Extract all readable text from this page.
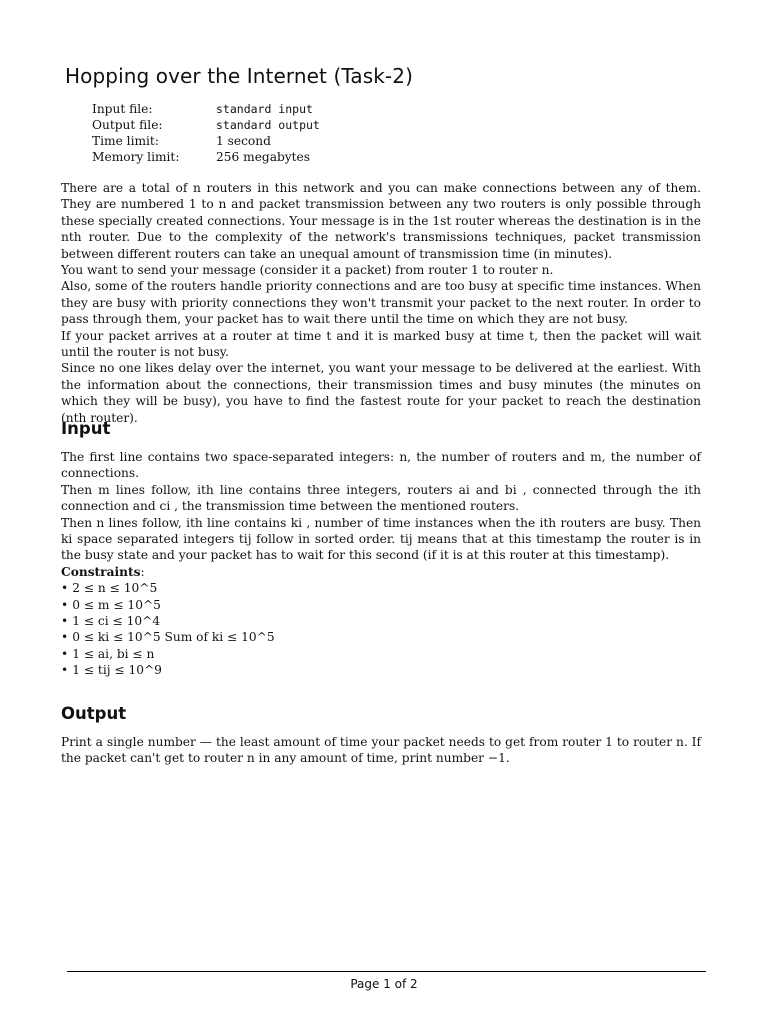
Hopping over the Internet (Task-2)
Input file:	standard input
Output file:	standard output
Time limit:	1 second
Memory limit:	256 megabytes

There are a total of n routers in this network and you can make connections between any of them. They are numbered 1 to n and packet transmission between any two routers is only possible through these specially created connections. Your message is in the 1st router whereas the destination is in the nth router. Due to the complexity of the network's transmissions techniques, packet transmission between different routers can take an unequal amount of transmission time (in minutes).

You want to send your message (consider it a packet) from router 1 to router n.

Also, some of the routers handle priority connections and are too busy at specific time instances. When they are busy with priority connections they won't transmit your packet to the next router. In order to pass through them, your packet has to wait there until the time on which they are not busy.

If your packet arrives at a router at time t and it is marked busy at time t, then the packet will wait until the router is not busy.

Since no one likes delay over the internet, you want your message to be delivered at the earliest. With the information about the connections, their transmission times and busy minutes (the minutes on which they will be busy), you have to find the fastest route for your packet to reach the destination (nth router).

Input

The first line contains two space-separated integers: n, the number of routers and m, the number of connections.

Then m lines follow, ith line contains three integers, routers ai and bi , connected through the ith connection and ci , the transmission time between the mentioned routers.

Then n lines follow, ith line contains ki , number of time instances when the ith routers are busy. Then ki space separated integers tij follow in sorted order. tij means that at this timestamp the router is in the busy state and your packet has to wait for this second (if it is at this router at this timestamp).

Constraints:

• 2 ≤ n ≤ 10^5
• 0 ≤ m ≤ 10^5
• 1 ≤ ci ≤ 10^4
• 0 ≤ ki ≤ 10^5 Sum of ki ≤ 10^5
• 1 ≤ ai, bi ≤ n
• 1 ≤ tij ≤ 10^9
Output

Print a single number — the least amount of time your packet needs to get from router 1 to router n. If the packet can't get to router n in any amount of time, print number −1.

Page 1 of 2
